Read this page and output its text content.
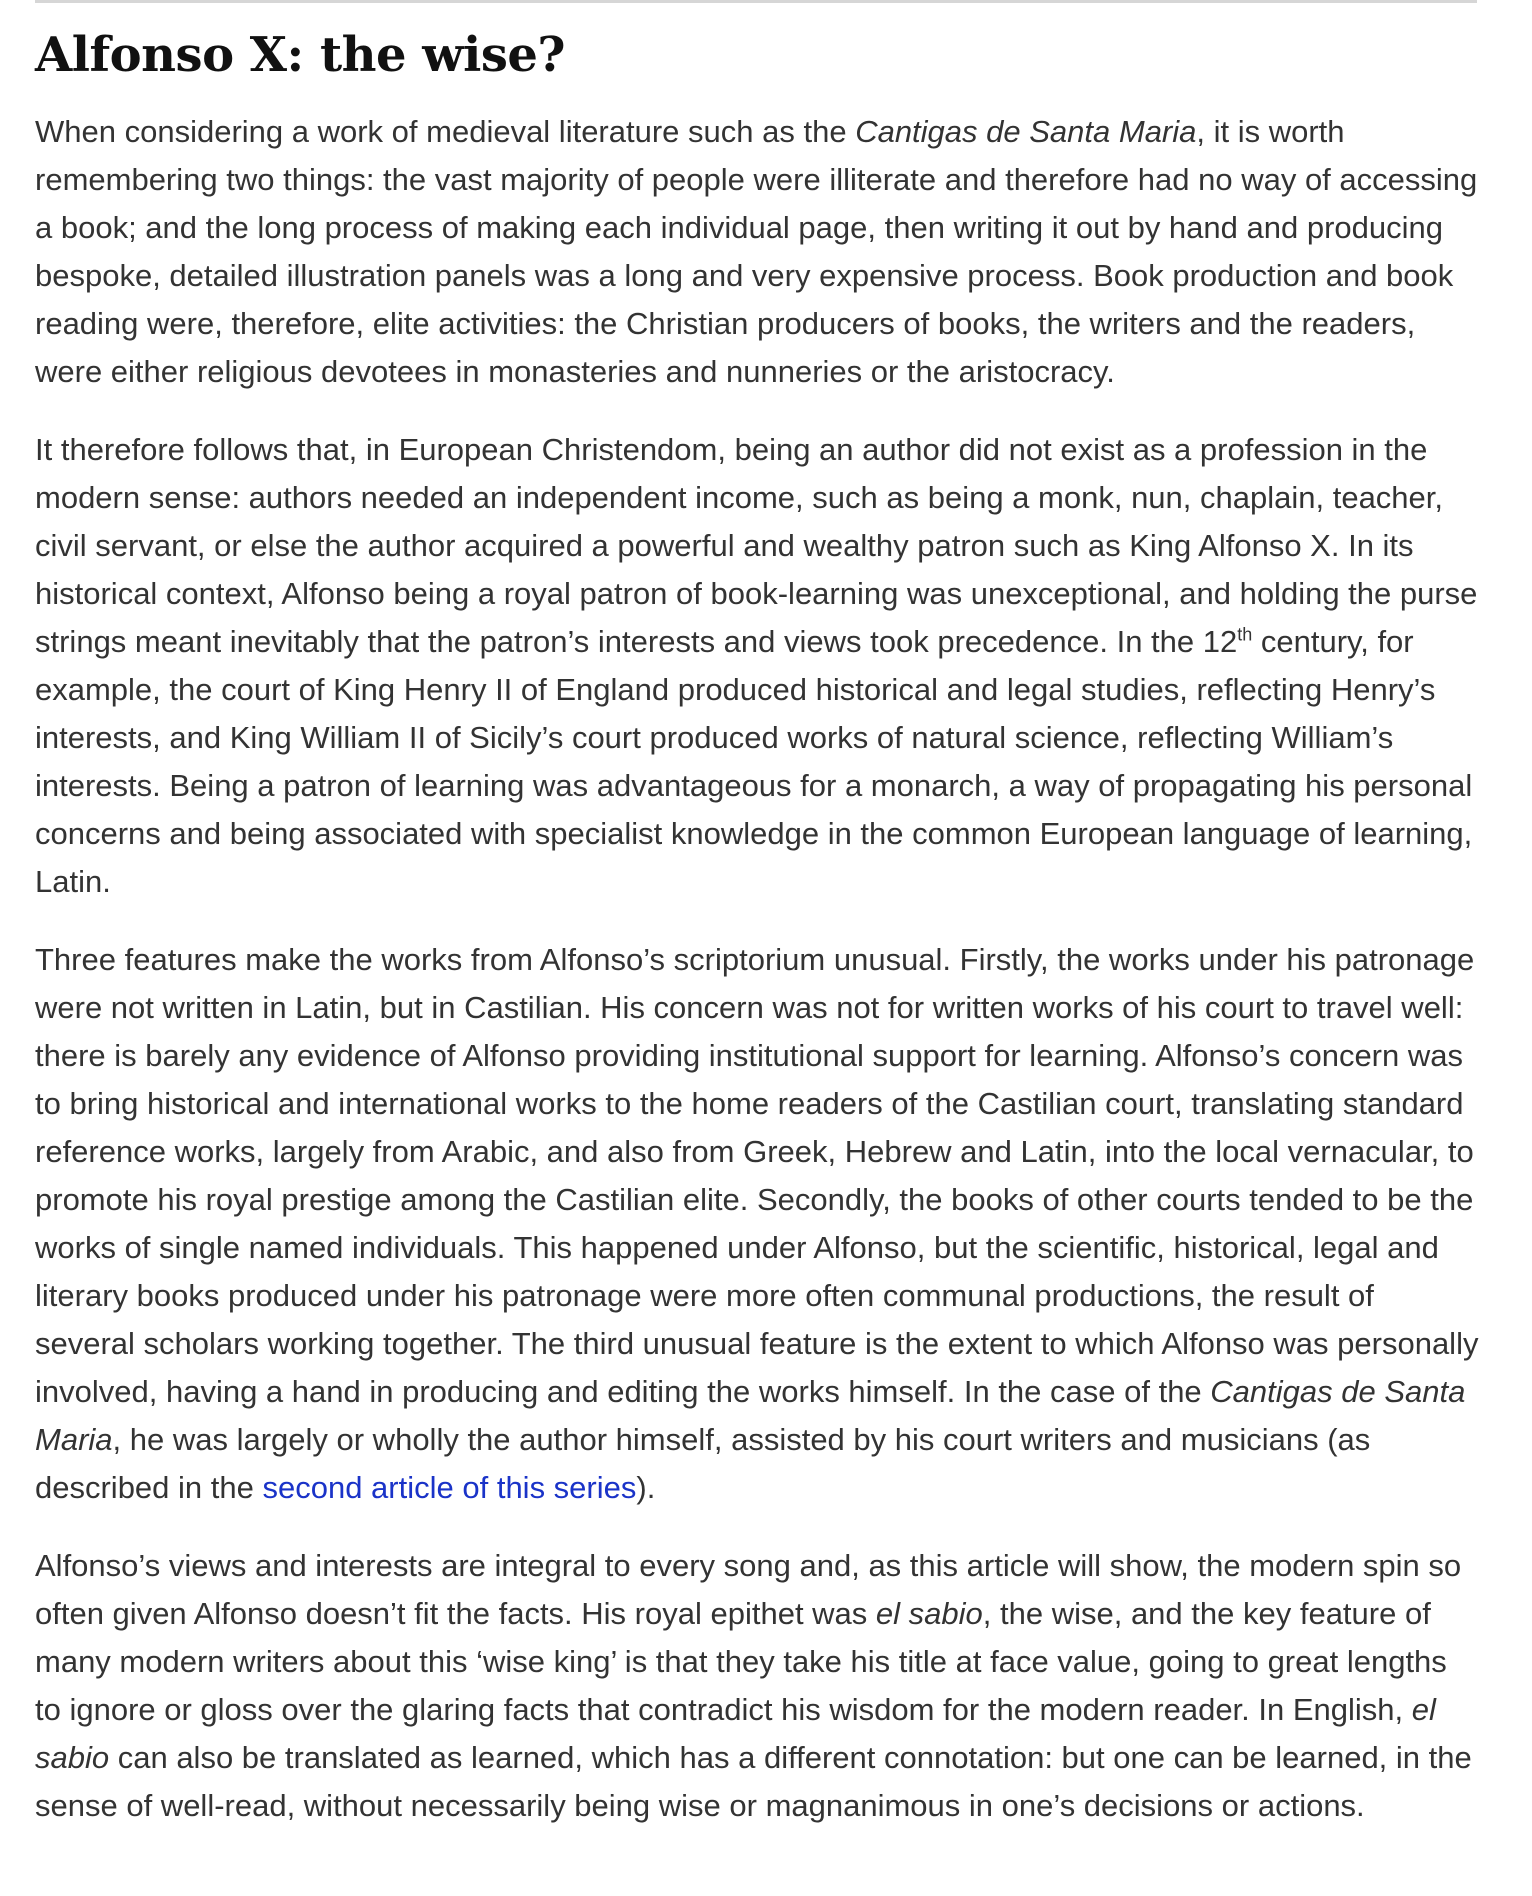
Alfonso X: the wise?

When considering a work of medieval literature such as the Cantigas de Santa Maria, it is worth remembering two things: the vast majority of people were illiterate and therefore had no way of accessing a book; and the long process of making each individual page, then writing it out by hand and producing bespoke, detailed illustration panels was a long and very expensive process. Book production and book reading were, therefore, elite activities: the Christian producers of books, the writers and the readers, were either religious devotees in monasteries and nunneries or the aristocracy.

It therefore follows that, in European Christendom, being an author did not exist as a profession in the modern sense: authors needed an independent income, such as being a monk, nun, chaplain, teacher, civil servant, or else the author acquired a powerful and wealthy patron such as King Alfonso X. In its historical context, Alfonso being a royal patron of book-learning was unexceptional, and holding the purse strings meant inevitably that the patron’s interests and views took precedence. In the 12th century, for example, the court of King Henry II of England produced historical and legal studies, reflecting Henry’s interests, and King William II of Sicily’s court produced works of natural science, reflecting William’s interests. Being a patron of learning was advantageous for a monarch, a way of propagating his personal concerns and being associated with specialist knowledge in the common European language of learning, Latin.

Three features make the works from Alfonso’s scriptorium unusual. Firstly, the works under his patronage were not written in Latin, but in Castilian. His concern was not for written works of his court to travel well: there is barely any evidence of Alfonso providing institutional support for learning. Alfonso’s concern was to bring historical and international works to the home readers of the Castilian court, translating standard reference works, largely from Arabic, and also from Greek, Hebrew and Latin, into the local vernacular, to promote his royal prestige among the Castilian elite. Secondly, the books of other courts tended to be the works of single named individuals. This happened under Alfonso, but the scientific, historical, legal and literary books produced under his patronage were more often communal productions, the result of several scholars working together. The third unusual feature is the extent to which Alfonso was personally involved, having a hand in producing and editing the works himself. In the case of the Cantigas de Santa Maria, he was largely or wholly the author himself, assisted by his court writers and musicians (as described in the second article of this series).

Alfonso’s views and interests are integral to every song and, as this article will show, the modern spin so often given Alfonso doesn’t fit the facts. His royal epithet was el sabio, the wise, and the key feature of many modern writers about this ‘wise king’ is that they take his title at face value, going to great lengths to ignore or gloss over the glaring facts that contradict his wisdom for the modern reader. In English, el sabio can also be translated as learned, which has a different connotation: but one can be learned, in the sense of well-read, without necessarily being wise or magnanimous in one’s decisions or actions.
